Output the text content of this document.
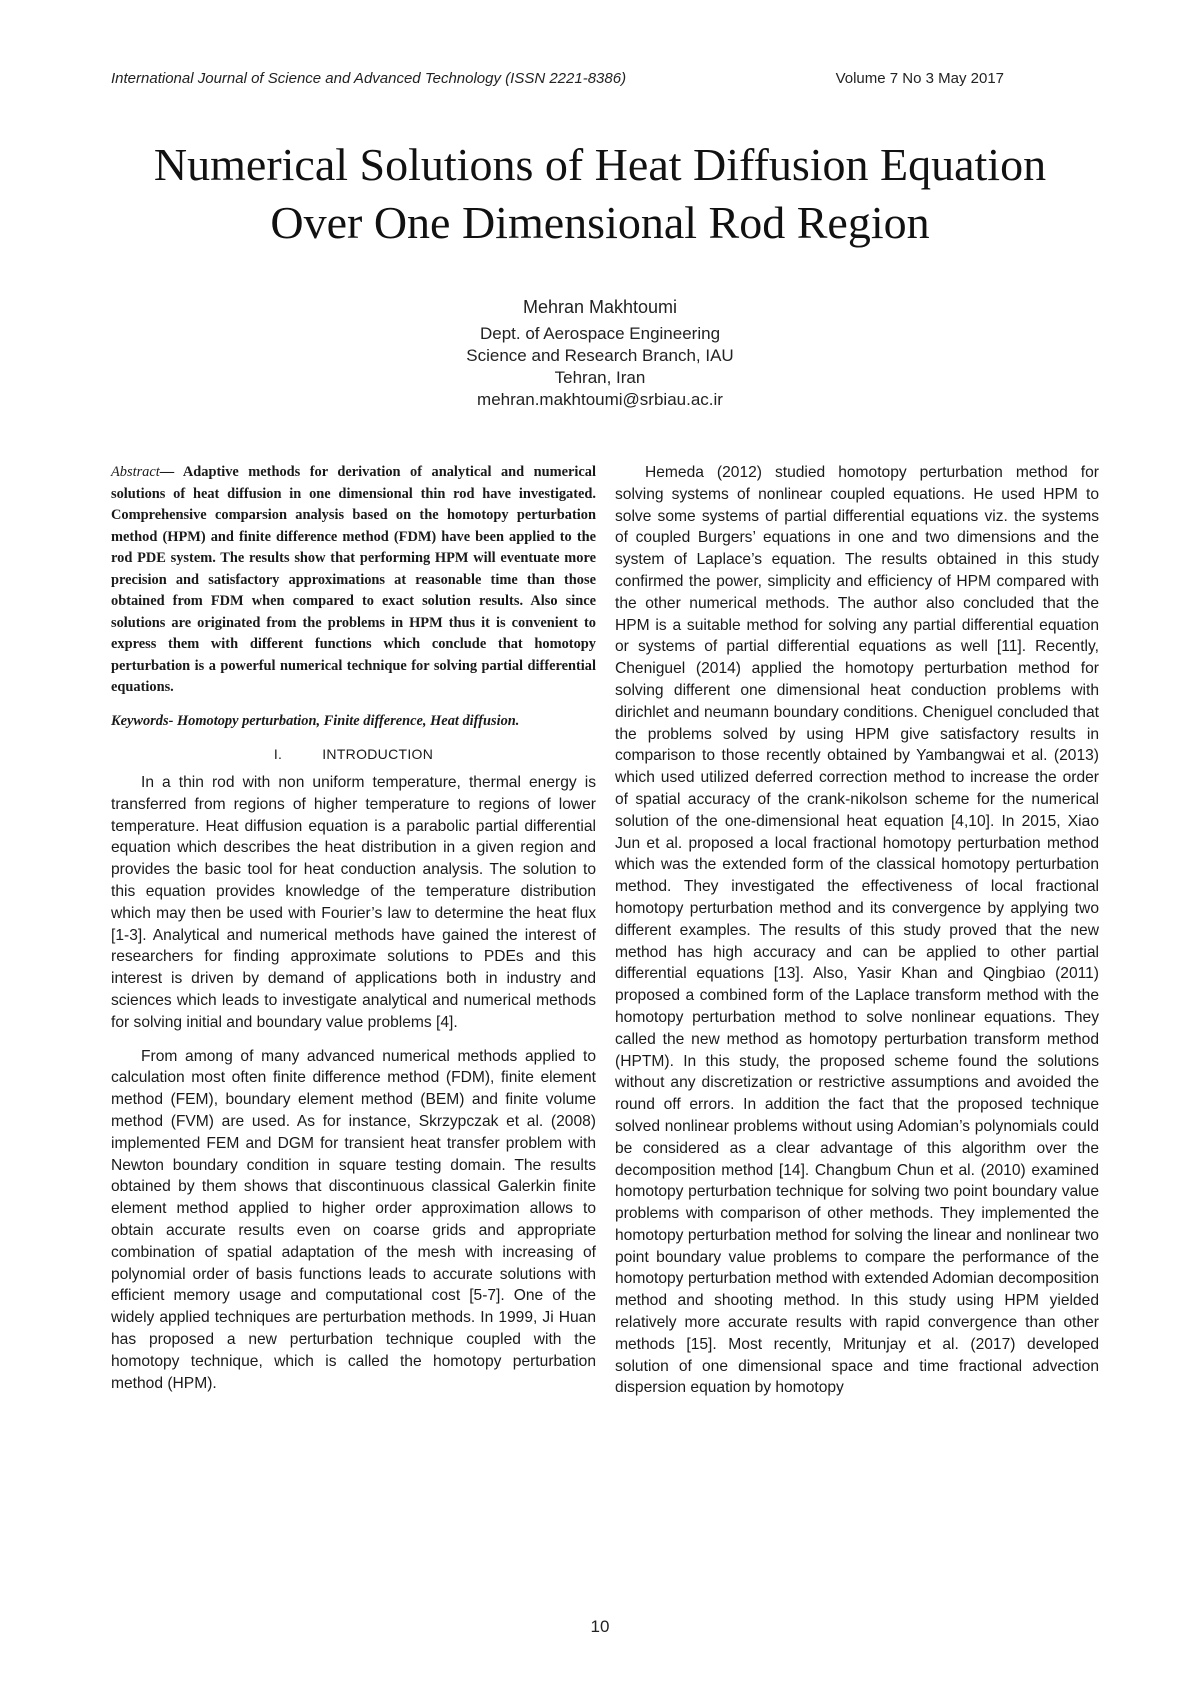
International Journal of Science and Advanced Technology (ISSN 2221-8386)	Volume 7 No 3 May 2017
Numerical Solutions of Heat Diffusion Equation
Over One Dimensional Rod Region
Mehran Makhtoumi
Dept. of Aerospace Engineering
Science and Research Branch, IAU
Tehran, Iran
mehran.makhtoumi@srbiau.ac.ir

Abstract— Adaptive methods for derivation of analytical and numerical solutions of heat diffusion in one dimensional thin rod have investigated. Comprehensive comparsion analysis based on the homotopy perturbation method (HPM) and finite difference method (FDM) have been applied to the rod PDE system. The results show that performing HPM will eventuate more precision and satisfactory approximations at reasonable time than those obtained from FDM when compared to exact solution results. Also since solutions are originated from the problems in HPM thus it is convenient to express them with different functions which conclude that homotopy perturbation is a powerful numerical technique for solving partial differential equations.

Keywords- Homotopy perturbation, Finite difference, Heat diffusion.

I.	INTRODUCTION

In a thin rod with non uniform temperature, thermal energy is transferred from regions of higher temperature to regions of lower temperature. Heat diffusion equation is a parabolic partial differential equation which describes the heat distribution in a given region and provides the basic tool for heat conduction analysis. The solution to this equation provides knowledge of the temperature distribution which may then be used with Fourier’s law to determine the heat flux [1-3]. Analytical and numerical methods have gained the interest of researchers for finding approximate solutions to PDEs and this interest is driven by demand of applications both in industry and sciences which leads to investigate analytical and numerical methods for solving initial and boundary value problems [4].

From among of many advanced numerical methods applied to calculation most often finite difference method (FDM), finite element method (FEM), boundary element method (BEM) and finite volume method (FVM) are used. As for instance, Skrzypczak et al. (2008) implemented FEM and DGM for transient heat transfer problem with Newton boundary condition in square testing domain. The results obtained by them shows that discontinuous classical Galerkin finite element method applied to higher order approximation allows to obtain accurate results even on coarse grids and appropriate combination of spatial adaptation of the mesh with increasing of polynomial order of basis functions leads to accurate solutions with efficient memory usage and computational cost [5-7]. One of the widely applied techniques are perturbation methods. In 1999, Ji Huan has proposed a new perturbation technique coupled with the homotopy technique, which is called the homotopy perturbation method (HPM).

Hemeda (2012) studied homotopy perturbation method for solving systems of nonlinear coupled equations. He used HPM to solve some systems of partial differential equations viz. the systems of coupled Burgers’ equations in one and two dimensions and the system of Laplace’s equation. The results obtained in this study confirmed the power, simplicity and efficiency of HPM compared with the other numerical methods. The author also concluded that the HPM is a suitable method for solving any partial differential equation or systems of partial differential equations as well [11]. Recently, Cheniguel (2014) applied the homotopy perturbation method for solving different one dimensional heat conduction problems with dirichlet and neumann boundary conditions. Cheniguel concluded that the problems solved by using HPM give satisfactory results in comparison to those recently obtained by Yambangwai et al. (2013) which used utilized deferred correction method to increase the order of spatial accuracy of the crank-nikolson scheme for the numerical solution of the one-dimensional heat equation [4,10]. In 2015, Xiao Jun et al. proposed a local fractional homotopy perturbation method which was the extended form of the classical homotopy perturbation method. They investigated the effectiveness of local fractional homotopy perturbation method and its convergence by applying two different examples. The results of this study proved that the new method has high accuracy and can be applied to other partial differential equations [13]. Also, Yasir Khan and Qingbiao (2011) proposed a combined form of the Laplace transform method with the homotopy perturbation method to solve nonlinear equations. They called the new method as homotopy perturbation transform method (HPTM). In this study, the proposed scheme found the solutions without any discretization or restrictive assumptions and avoided the round off errors. In addition the fact that the proposed technique solved nonlinear problems without using Adomian’s polynomials could be considered as a clear advantage of this algorithm over the decomposition method [14]. Changbum Chun et al. (2010) examined homotopy perturbation technique for solving two point boundary value problems with comparison of other methods. They implemented the homotopy perturbation method for solving the linear and nonlinear two point boundary value problems to compare the performance of the homotopy perturbation method with extended Adomian decomposition method and shooting method. In this study using HPM yielded relatively more accurate results with rapid convergence than other methods [15]. Most recently, Mritunjay et al. (2017) developed solution of one dimensional space and time fractional advection dispersion equation by homotopy

10
